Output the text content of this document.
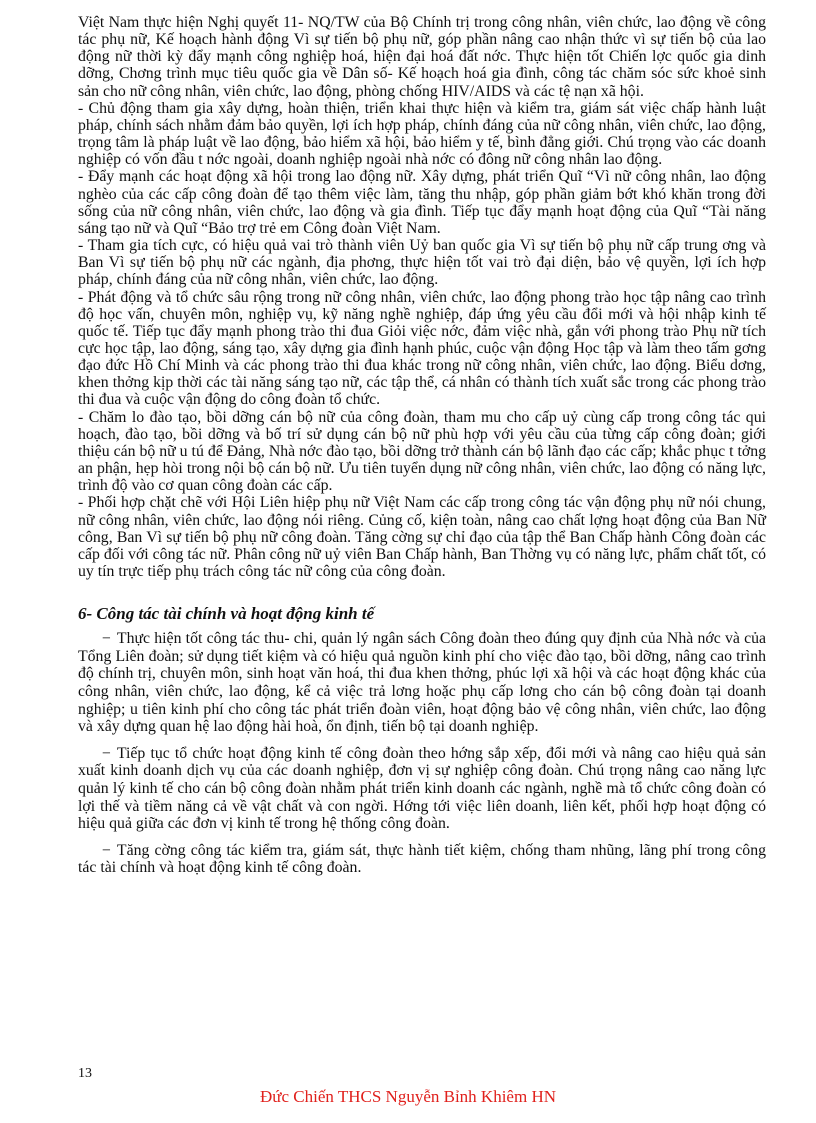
Việt Nam thực hiện Nghị quyết 11- NQ/TW của Bộ Chính trị trong công nhân, viên chức, lao động về công tác phụ nữ, Kế hoạch hành động Vì sự tiến bộ phụ nữ, góp phần nâng cao nhận thức vì sự tiến bộ của lao động nữ thời kỳ đẩy mạnh công nghiệp hoá, hiện đại hoá đất nớc. Thực hiện tốt Chiến lợc quốc gia dinh dỡng, Chơng trình mục tiêu quốc gia về Dân số- Kế hoạch hoá gia đình, công tác chăm sóc sức khoẻ sinh sản cho nữ công nhân, viên chức, lao động, phòng chống HIV/AIDS và các tệ nạn xã hội.

- Chủ động tham gia xây dựng, hoàn thiện, triển khai thực hiện và kiểm tra, giám sát việc chấp hành luật pháp, chính sách nhằm đảm bảo quyền, lợi ích hợp pháp, chính đáng của nữ công nhân, viên chức, lao động, trọng tâm là pháp luật về lao động, bảo hiểm xã hội, bảo hiểm y tế, bình đẳng giới. Chú trọng vào các doanh nghiệp có vốn đầu t nớc ngoài, doanh nghiệp ngoài nhà nớc có đông nữ công nhân lao động.

- Đẩy mạnh các hoạt động xã hội trong lao động nữ. Xây dựng, phát triển Quĩ “Vì nữ công nhân, lao động nghèo của các cấp công đoàn để tạo thêm việc làm, tăng thu nhập, góp phần giảm bớt khó khăn trong đời sống của nữ công nhân, viên chức, lao động và gia đình. Tiếp tục đẩy mạnh hoạt động của Quĩ “Tài năng sáng tạo nữ và Quĩ “Bảo trợ trẻ em Công đoàn Việt Nam.

- Tham gia tích cực, có hiệu quả vai trò thành viên Uỷ ban quốc gia Vì sự tiến bộ phụ nữ cấp trung ơng và Ban Vì sự tiến bộ phụ nữ các ngành, địa phơng, thực hiện tốt vai trò đại diện, bảo vệ quyền, lợi ích hợp pháp, chính đáng của nữ công nhân, viên chức, lao động.

- Phát động và tổ chức sâu rộng trong nữ công nhân, viên chức, lao động phong trào học tập nâng cao trình độ học vấn, chuyên môn, nghiệp vụ, kỹ năng nghề nghiệp, đáp ứng yêu cầu đổi mới và hội nhập kinh tế quốc tế. Tiếp tục đẩy mạnh phong trào thi đua Giỏi việc nớc, đảm việc nhà, gắn với phong trào Phụ nữ tích cực học tập, lao động, sáng tạo, xây dựng gia đình hạnh phúc, cuộc vận động Học tập và làm theo tấm gơng đạo đức Hồ Chí Minh và các phong trào thi đua khác trong nữ công nhân, viên chức, lao động. Biểu dơng, khen thởng kịp thời các tài năng sáng tạo nữ, các tập thể, cá nhân có thành tích xuất sắc trong các phong trào thi đua và cuộc vận động do công đoàn tổ chức.

- Chăm lo đào tạo, bồi dỡng cán bộ nữ của công đoàn, tham mu cho cấp uỷ cùng cấp trong công tác qui hoạch, đào tạo, bồi dỡng và bố trí sử dụng cán bộ nữ phù hợp với yêu cầu của từng cấp công đoàn; giới thiệu cán bộ nữ u tú để Đảng, Nhà nớc đào tạo, bồi dỡng trở thành cán bộ lãnh đạo các cấp; khắc phục t tởng an phận, hẹp hòi trong nội bộ cán bộ nữ. Ưu tiên tuyển dụng nữ công nhân, viên chức, lao động có năng lực, trình độ vào cơ quan công đoàn các cấp.

- Phối hợp chặt chẽ với Hội Liên hiệp phụ nữ Việt Nam các cấp trong công tác vận động phụ nữ nói chung, nữ công nhân, viên chức, lao động nói riêng. Củng cố, kiện toàn, nâng cao chất lợng hoạt động của Ban Nữ công, Ban Vì sự tiến bộ phụ nữ công đoàn. Tăng cờng sự chỉ đạo của tập thể Ban Chấp hành Công đoàn các cấp đối với công tác nữ. Phân công nữ uỷ viên Ban Chấp hành, Ban Thờng vụ có năng lực, phẩm chất tốt, có uy tín trực tiếp phụ trách công tác nữ công của công đoàn.

6- Công tác tài chính và hoạt động kinh tế

− Thực hiện tốt công tác thu- chi, quản lý ngân sách Công đoàn theo đúng quy định của Nhà nớc và của Tổng Liên đoàn; sử dụng tiết kiệm và có hiệu quả nguồn kinh phí cho việc đào tạo, bồi dỡng, nâng cao trình độ chính trị, chuyên môn, sinh hoạt văn hoá, thi đua khen thởng, phúc lợi xã hội và các hoạt động khác của công nhân, viên chức, lao động, kể cả việc trả lơng hoặc phụ cấp lơng cho cán bộ công đoàn tại doanh nghiệp; u tiên kinh phí cho công tác phát triển đoàn viên, hoạt động bảo vệ công nhân, viên chức, lao động và xây dựng quan hệ lao động hài hoà, ổn định, tiến bộ tại doanh nghiệp.

− Tiếp tục tổ chức hoạt động kinh tế công đoàn theo hớng sắp xếp, đổi mới và nâng cao hiệu quả sản xuất kinh doanh dịch vụ của các doanh nghiệp, đơn vị sự nghiệp công đoàn. Chú trọng nâng cao năng lực quản lý kinh tế cho cán bộ công đoàn nhằm phát triển kinh doanh các ngành, nghề mà tổ chức công đoàn có lợi thế và tiềm năng cả về vật chất và con ngời. Hớng tới việc liên doanh, liên kết, phối hợp hoạt động có hiệu quả giữa các đơn vị kinh tế trong hệ thống công đoàn.

− Tăng cờng công tác kiểm tra, giám sát, thực hành tiết kiệm, chống tham nhũng, lãng phí trong công tác tài chính và hoạt động kinh tế công đoàn.

13
Đức Chiến THCS Nguyễn Bỉnh Khiêm HN
